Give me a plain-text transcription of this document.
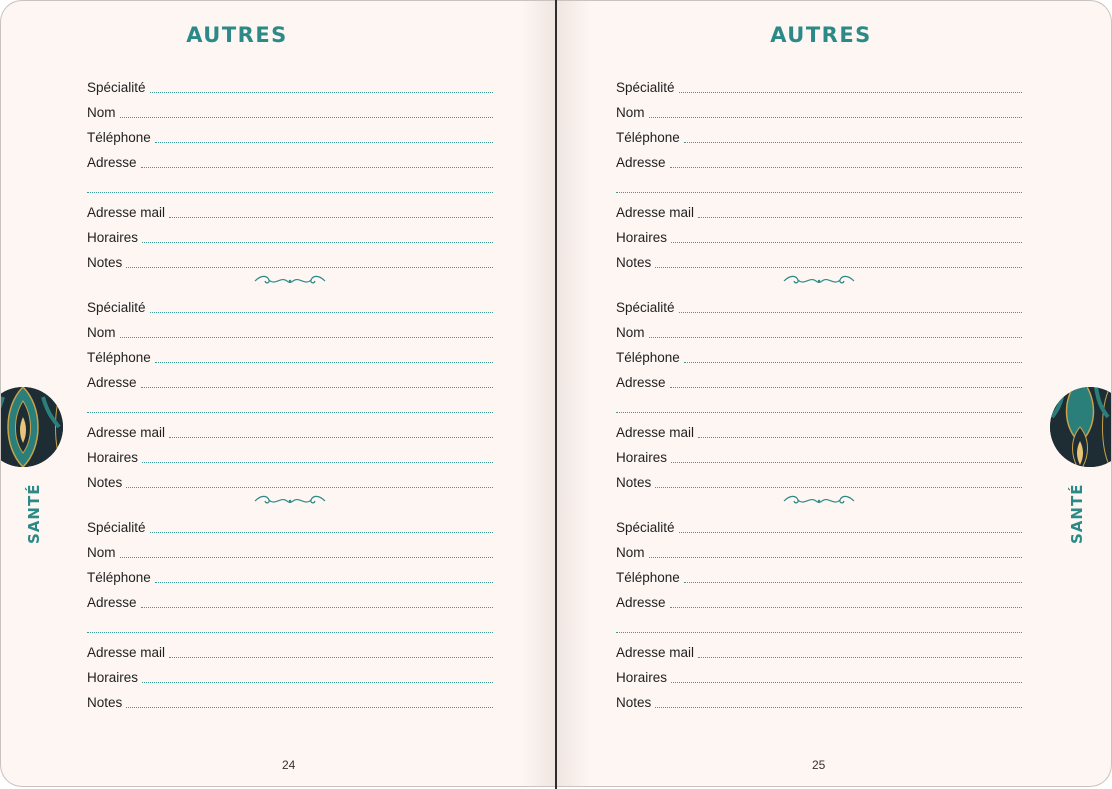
AUTRES
Spécialité
Nom
Téléphone
Adresse
Adresse mail
Horaires
Notes
Spécialité
Nom
Téléphone
Adresse
Adresse mail
Horaires
Notes
Spécialité
Nom
Téléphone
Adresse
Adresse mail
Horaires
Notes
SANTÉ
24
AUTRES
Spécialité
Nom
Téléphone
Adresse
Adresse mail
Horaires
Notes
Spécialité
Nom
Téléphone
Adresse
Adresse mail
Horaires
Notes
Spécialité
Nom
Téléphone
Adresse
Adresse mail
Horaires
Notes
SANTÉ
25
